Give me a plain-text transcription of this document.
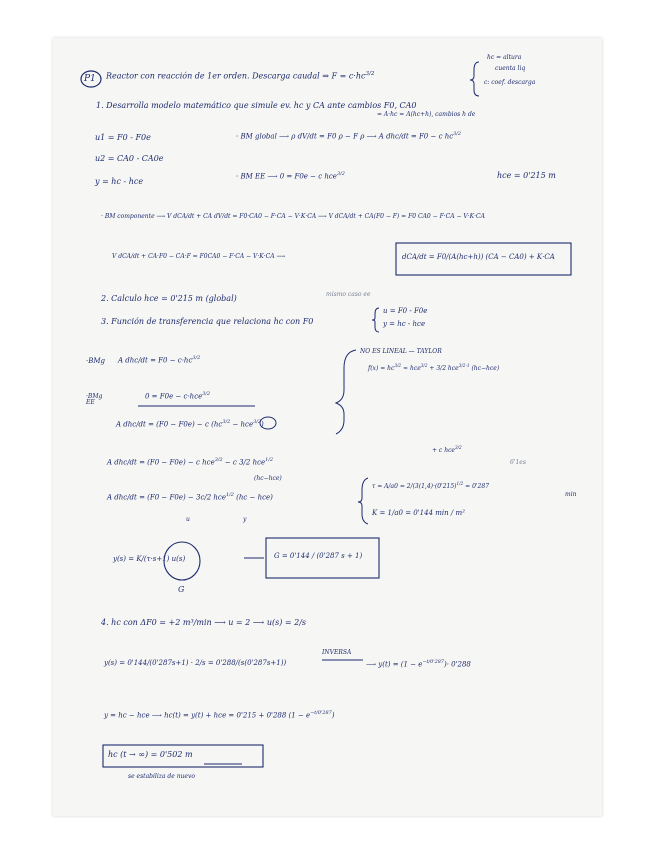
P1 Reactor con reacción de 1er orden. Descarga caudal ⇒ $F = c\cdot hc^{3/2}$
hc = altura
cuenta liq
c: coef. descarga
1. Desarrolla modelo matemático que simule ev. hc y CA ante cambios F0, CA0
= A·hc = A(hc+h), cambios h de
u1 = F0 - F0e
u2 = CA0 - CA0e
y = hc - hce
· BM global ⟶ ρ dV/dt = F0 ρ − F ρ ⟶ A dhc/dt = F0 − c $hc^{3/2}$
· BM EE ⟶ 0 = F0e − c hce$^{3/2}$	hce = 0'215 m
· BM componente ⟶ V dCA/dt + CA dV/dt = F0·CA0 − F·CA − V·K·CA ⟶ V dCA/dt + CA(F0 − F) = F0 CA0 − F·CA − V·K·CA
V dCA/dt + CA·F0 − CA·F = F0CA0 − F·CA − V·K·CA ⟶	dCA/dt = F0/(A(hc+h)) (CA − CA0) + K·CA
2. Calculo hce = 0'215 m (global)	mismo caso ee
3. Función de transferencia que relaciona hc con F0
u = F0 - F0e
y = hc - hce
NO ES LINEAL — TAYLOR
$f(x) = hc^{3/2} \approx hce^{3/2} + 3/2$ hce$^{3/2-1}$ (hc−hce)
·BMg A $dhc/dt = F0 - c\cdot hc^{3/2}$
·BMg EE
0 = F0e − c·hce$^{3/2}$
A dhc/dt = (F0 − F0e) − c $(hc^{3/2} - hce^{3/2})$
A dhc/dt = (F0 − F0e) − c hce$^{3/2}$ − c 3/2 hce$^{1/2}$
(hc−hce)
+ c hce$^{3/2}$
6'1es
A dhc/dt = (F0 − F0e) − 3c/2 hce$^{1/2}$ (hc − hce)
u	y
$\tau = A/a0 = 2/(3(1,4)\cdot(0'215)^{1/2} = 0'287$
min
K = 1/a0 = 0'144 min / m²
y(s) = K/(τ·s+1) u(s)
G
G = 0'144 / (0'287 s + 1)
4. hc con ΔF0 = +2 m³/min ⟶ u = 2 ⟶ u(s) = 2/s
y(s) = 0'144/(0'287s+1) · 2/s = 0'288/(s(0'287s+1))
INVERSA
⟶ $y(t) = (1 - e^{-t/0'287})\cdot 0'288$
y = hc − hce ⟶ hc(t) = y(t) + hce = 0'215 + 0'288 $(1 - e^{-t/0'287})$
hc (t → ∞) = 0'502 m
se estabiliza de nuevo
